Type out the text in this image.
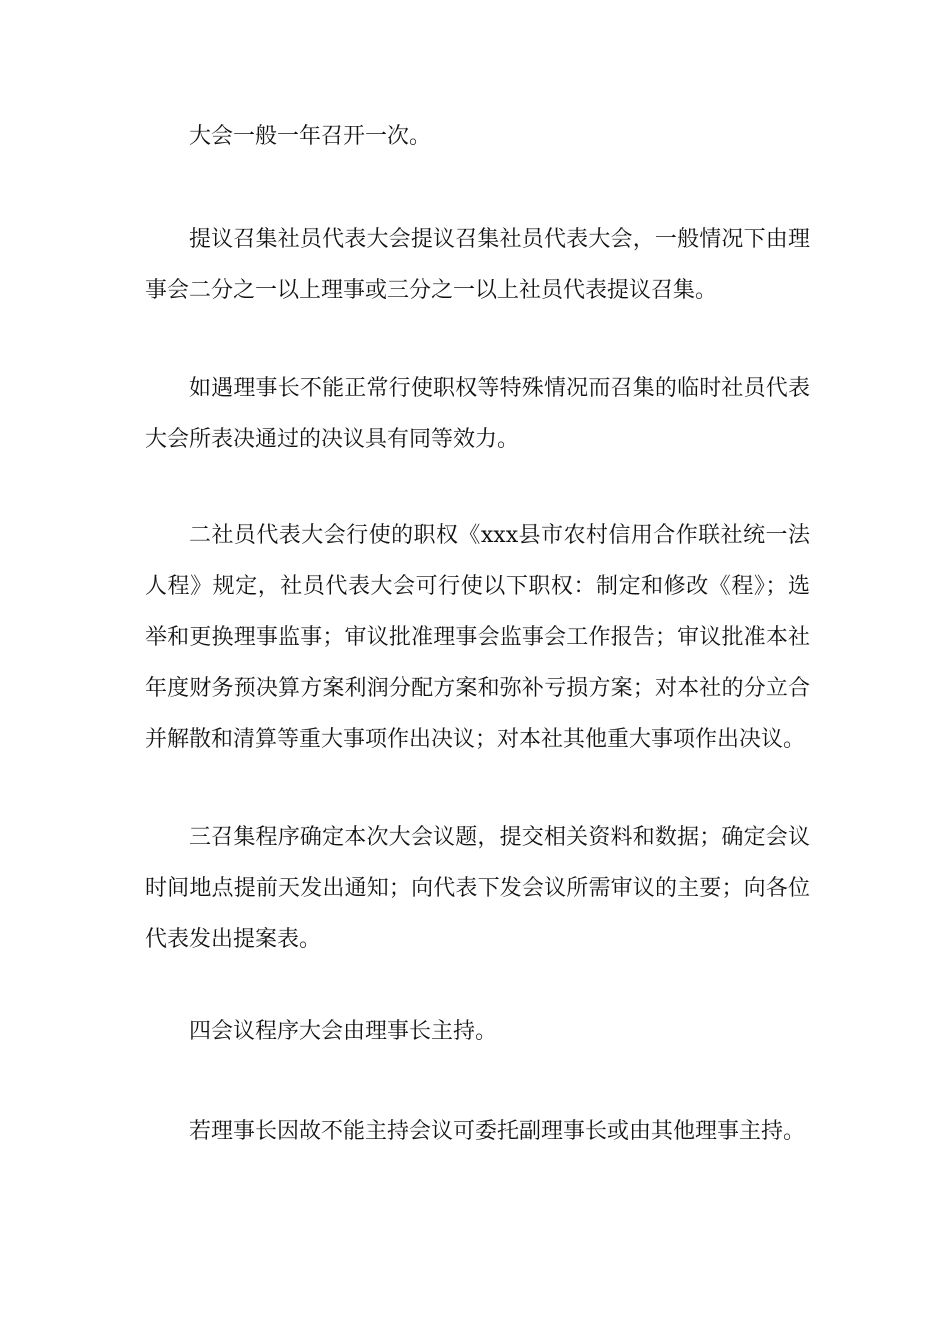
大会一般一年召开一次。

提议召集社员代表大会提议召集社员代表大会，一般情况下由理事会二分之一以上理事或三分之一以上社员代表提议召集。

如遇理事长不能正常行使职权等特殊情况而召集的临时社员代表大会所表决通过的决议具有同等效力。

二社员代表大会行使的职权《xxx县市农村信用合作联社统一法人程》规定，社员代表大会可行使以下职权：制定和修改《程》；选举和更换理事监事；审议批准理事会监事会工作报告；审议批准本社年度财务预决算方案利润分配方案和弥补亏损方案；对本社的分立合并解散和清算等重大事项作出决议；对本社其他重大事项作出决议。

三召集程序确定本次大会议题，提交相关资料和数据；确定会议时间地点提前天发出通知；向代表下发会议所需审议的主要；向各位代表发出提案表。

四会议程序大会由理事长主持。

若理事长因故不能主持会议可委托副理事长或由其他理事主持。
